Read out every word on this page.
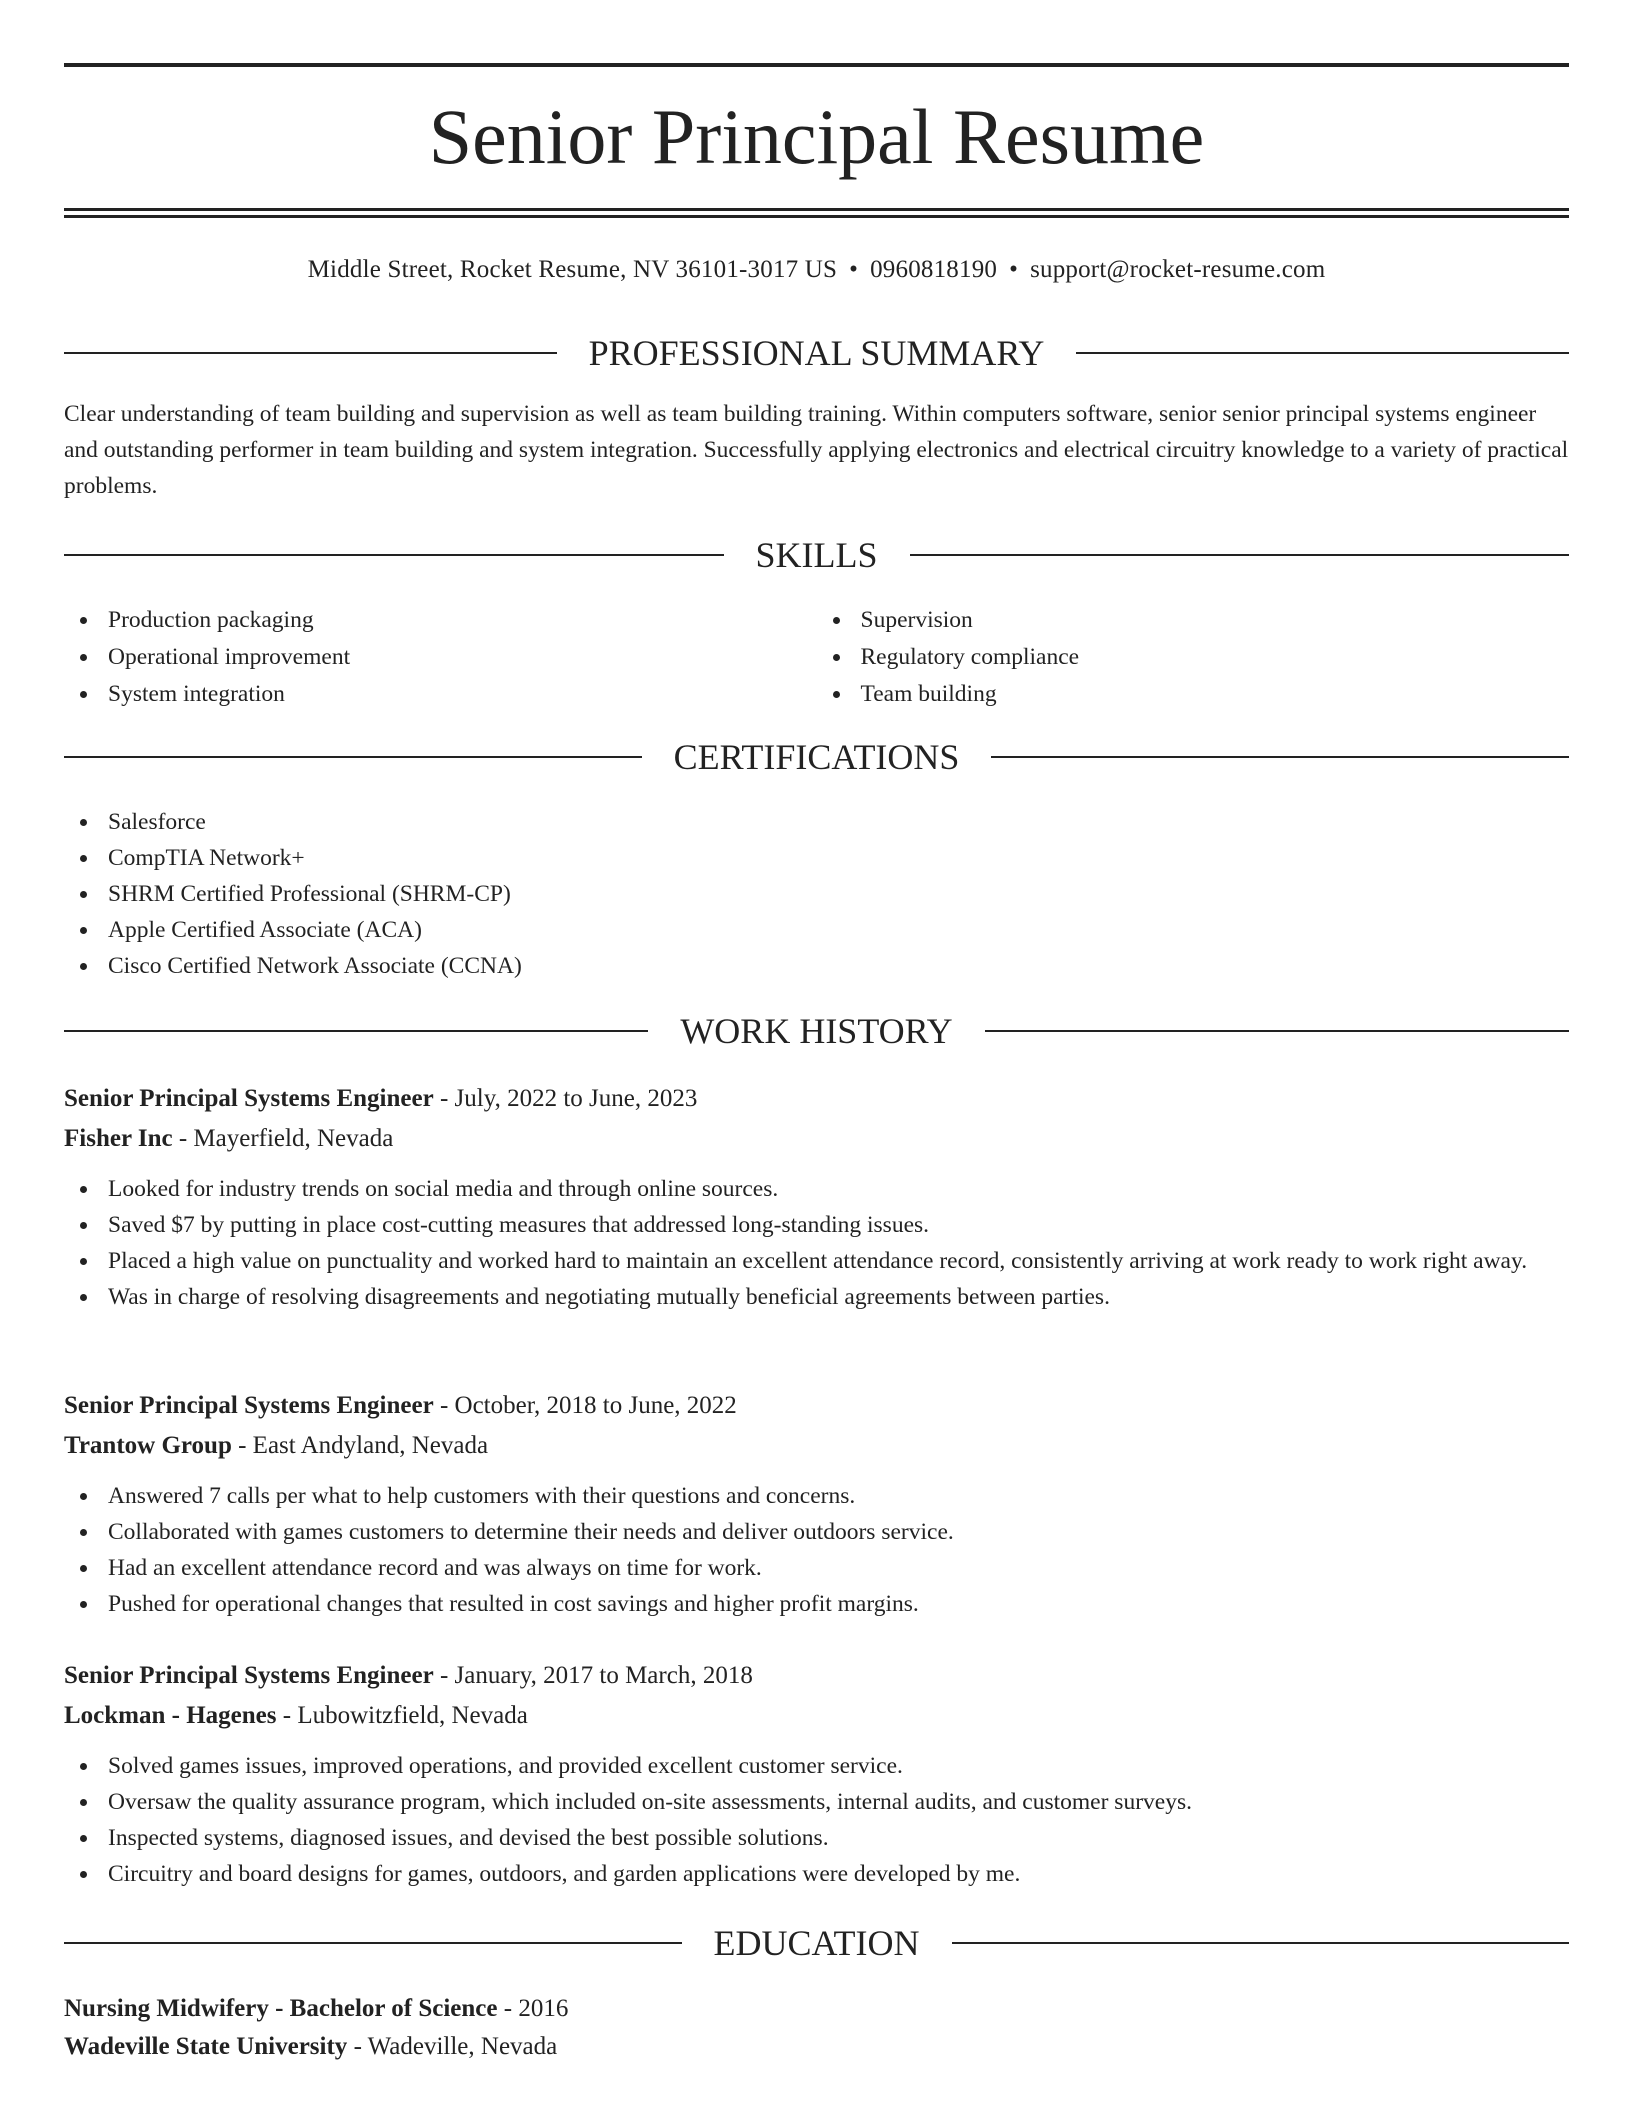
Senior Principal Resume
Middle Street, Rocket Resume, NV 36101-3017 US • 0960818190 • support@rocket-resume.com
PROFESSIONAL SUMMARY
Clear understanding of team building and supervision as well as team building training. Within computers software, senior senior principal systems engineer and outstanding performer in team building and system integration. Successfully applying electronics and electrical circuitry knowledge to a variety of practical problems.
SKILLS
Production packaging
Operational improvement
System integration
Supervision
Regulatory compliance
Team building
CERTIFICATIONS
Salesforce
CompTIA Network+
SHRM Certified Professional (SHRM-CP)
Apple Certified Associate (ACA)
Cisco Certified Network Associate (CCNA)
WORK HISTORY
Senior Principal Systems Engineer - July, 2022 to June, 2023
Fisher Inc - Mayerfield, Nevada
Looked for industry trends on social media and through online sources.
Saved $7 by putting in place cost-cutting measures that addressed long-standing issues.
Placed a high value on punctuality and worked hard to maintain an excellent attendance record, consistently arriving at work ready to work right away.
Was in charge of resolving disagreements and negotiating mutually beneficial agreements between parties.
Senior Principal Systems Engineer - October, 2018 to June, 2022
Trantow Group - East Andyland, Nevada
Answered 7 calls per what to help customers with their questions and concerns.
Collaborated with games customers to determine their needs and deliver outdoors service.
Had an excellent attendance record and was always on time for work.
Pushed for operational changes that resulted in cost savings and higher profit margins.
Senior Principal Systems Engineer - January, 2017 to March, 2018
Lockman - Hagenes - Lubowitzfield, Nevada
Solved games issues, improved operations, and provided excellent customer service.
Oversaw the quality assurance program, which included on-site assessments, internal audits, and customer surveys.
Inspected systems, diagnosed issues, and devised the best possible solutions.
Circuitry and board designs for games, outdoors, and garden applications were developed by me.
EDUCATION
Nursing Midwifery - Bachelor of Science - 2016
Wadeville State University - Wadeville, Nevada
